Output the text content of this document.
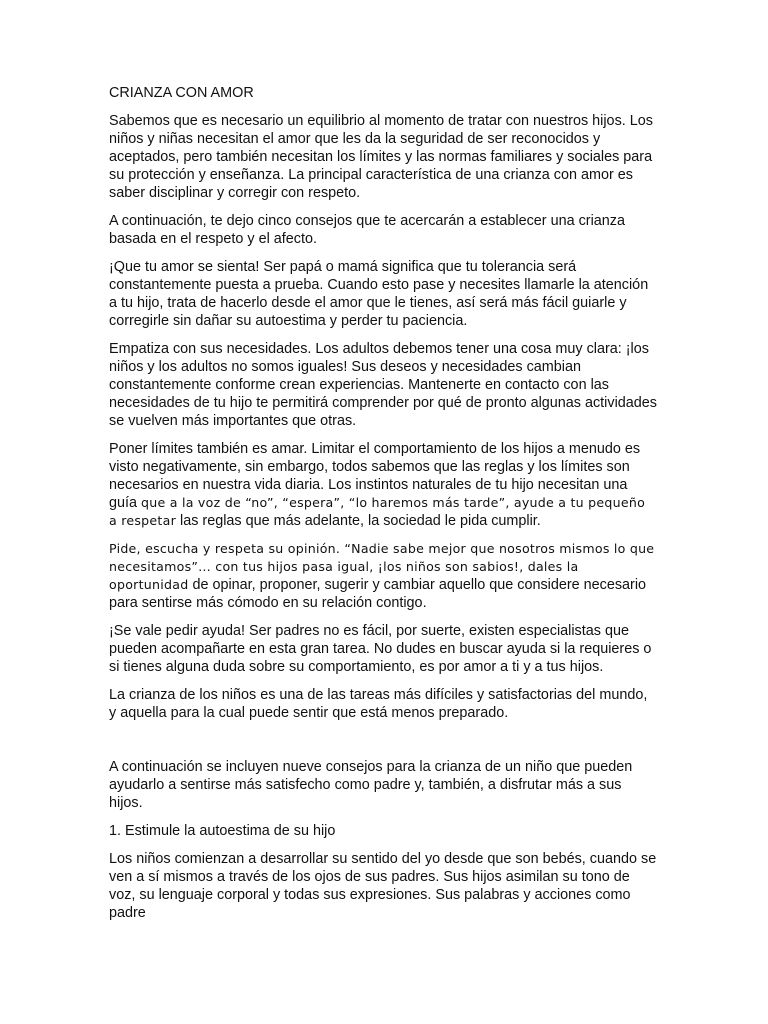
CRIANZA CON AMOR

Sabemos que es necesario un equilibrio al momento de tratar con nuestros hijos. Los niños y niñas necesitan el amor que les da la seguridad de ser reconocidos y aceptados, pero también necesitan los límites y las normas familiares y sociales para su protección y enseñanza. La principal característica de una crianza con amor es saber disciplinar y corregir con respeto.

A continuación, te dejo cinco consejos que te acercarán a establecer una crianza basada en el respeto y el afecto.

¡Que tu amor se sienta! Ser papá o mamá significa que tu tolerancia será constantemente puesta a prueba. Cuando esto pase y necesites llamarle la atención a tu hijo, trata de hacerlo desde el amor que le tienes, así será más fácil guiarle y corregirle sin dañar su autoestima y perder tu paciencia.

Empatiza con sus necesidades. Los adultos debemos tener una cosa muy clara: ¡los niños y los adultos no somos iguales! Sus deseos y necesidades cambian constantemente conforme crean experiencias. Mantenerte en contacto con las necesidades de tu hijo te permitirá comprender por qué de pronto algunas actividades se vuelven más importantes que otras.

Poner límites también es amar. Limitar el comportamiento de los hijos a menudo es visto negativamente, sin embargo, todos sabemos que las reglas y los límites son necesarios en nuestra vida diaria. Los instintos naturales de tu hijo necesitan una guía que a la voz de “no”, “espera”, “lo haremos más tarde”, ayude a tu pequeño a respetar las reglas que más adelante, la sociedad le pida cumplir.

Pide, escucha y respeta su opinión. “Nadie sabe mejor que nosotros mismos lo que necesitamos”… con tus hijos pasa igual, ¡los niños son sabios!, dales la oportunidad de opinar, proponer, sugerir y cambiar aquello que considere necesario para sentirse más cómodo en su relación contigo.

¡Se vale pedir ayuda! Ser padres no es fácil, por suerte, existen especialistas que pueden acompañarte en esta gran tarea. No dudes en buscar ayuda si la requieres o si tienes alguna duda sobre su comportamiento, es por amor a ti y a tus hijos.

La crianza de los niños es una de las tareas más difíciles y satisfactorias del mundo, y aquella para la cual puede sentir que está menos preparado.

A continuación se incluyen nueve consejos para la crianza de un niño que pueden ayudarlo a sentirse más satisfecho como padre y, también, a disfrutar más a sus hijos.

1. Estimule la autoestima de su hijo

Los niños comienzan a desarrollar su sentido del yo desde que son bebés, cuando se ven a sí mismos a través de los ojos de sus padres. Sus hijos asimilan su tono de voz, su lenguaje corporal y todas sus expresiones. Sus palabras y acciones como padre
